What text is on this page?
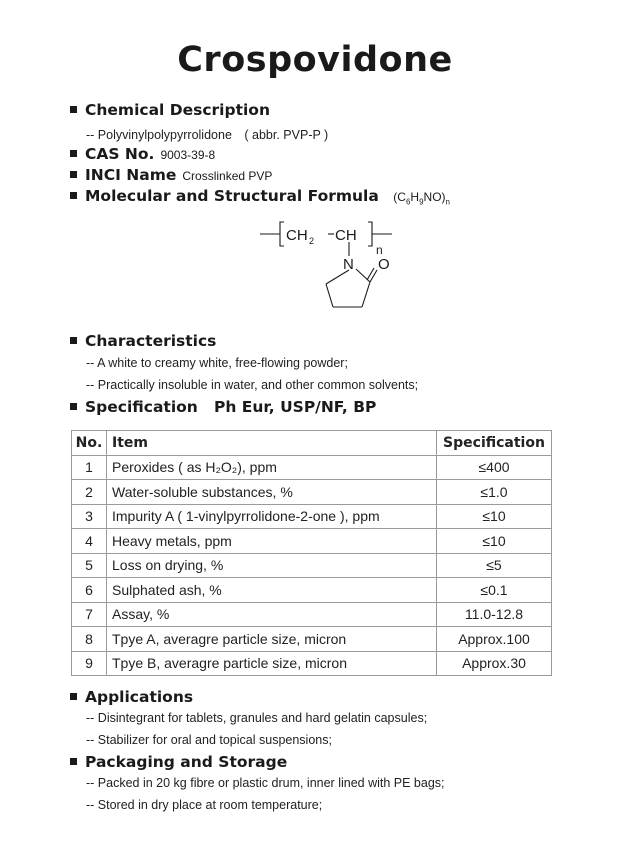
Crospovidone
Chemical Description
-- Polyvinylpolypyrrolidone　( abbr. PVP-P )
CAS No. 9003-39-8
INCI Name Crosslinked PVP
Molecular and Structural Formula $(C_6H_9NO)_n$
CH 2 CH
n
N O
Characteristics
-- A white to creamy white, free-flowing powder;
-- Practically insoluble in water, and other common solvents;
Specification   Ph Eur, USP/NF, BP
No.	Item	Specification
1	Peroxides ( as H₂O₂), ppm	≤400
2	Water-soluble substances, %	≤1.0
3	Impurity A ( 1-vinylpyrrolidone-2-one ), ppm	≤10
4	Heavy metals, ppm	≤10
5	Loss on drying, %	≤5
6	Sulphated ash, %	≤0.1
7	Assay, %	11.0-12.8
8	Tpye A, averagre particle size, micron	Approx.100
9	Tpye B, averagre particle size, micron	Approx.30
Applications
-- Disintegrant for tablets, granules and hard gelatin capsules;
-- Stabilizer for oral and topical suspensions;
Packaging and Storage
-- Packed in 20 kg fibre or plastic drum, inner lined with PE bags;
-- Stored in dry place at room temperature;
